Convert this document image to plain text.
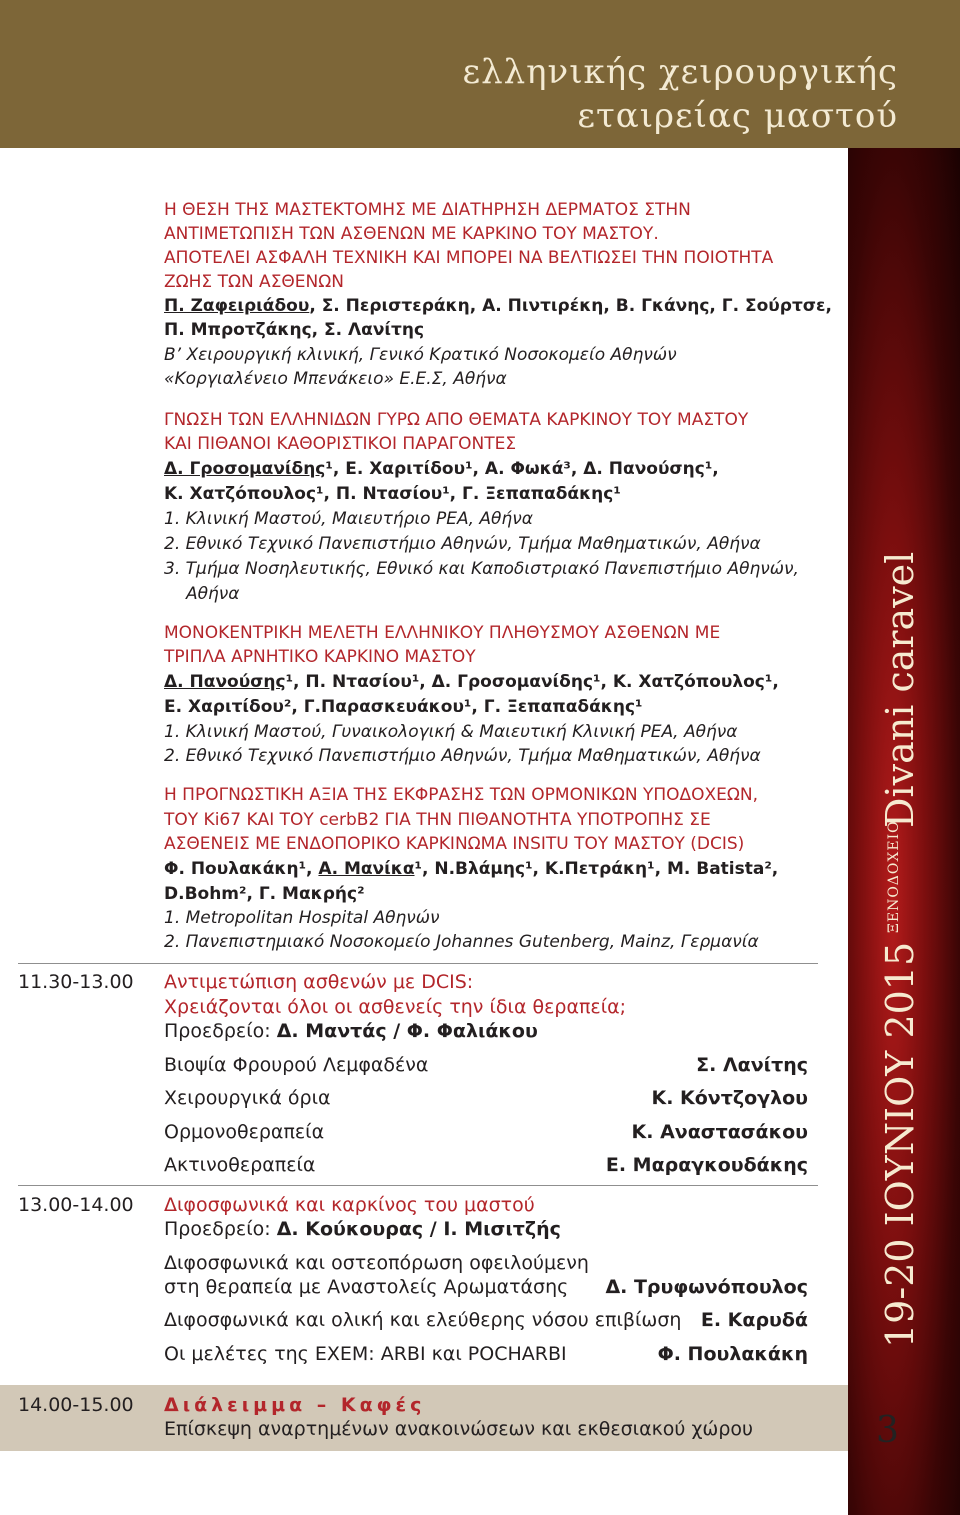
ελληνικής χειρουργικής
εταιρείας μαστού
19-20 ΙΟΥΝΙΟΥ 2015
ΞΕΝΟΔΟΧΕΙΟ
Divani caravel
3
Η ΘΕΣΗ ΤΗΣ ΜΑΣΤΕΚΤΟΜΗΣ ΜΕ ΔΙΑΤΗΡΗΣΗ ΔΕΡΜΑΤΟΣ ΣΤΗΝ
ΑΝΤΙΜΕΤΩΠΙΣΗ ΤΩΝ ΑΣΘΕΝΩΝ ΜΕ ΚΑΡΚΙΝΟ ΤΟΥ ΜΑΣΤΟΥ.
ΑΠΟΤΕΛΕΙ ΑΣΦΑΛΗ ΤΕΧΝΙΚΗ ΚΑΙ ΜΠΟΡΕΙ ΝΑ ΒΕΛΤΙΩΣΕΙ ΤΗΝ ΠΟΙΟΤΗΤΑ
ΖΩΗΣ ΤΩΝ ΑΣΘΕΝΩΝ
Π. Ζαφειριάδου, Σ. Περιστεράκη, Α. Πιντιρέκη, Β. Γκάνης, Γ. Σούρτσε,
Π. Μπροτζάκης, Σ. Λανίτης
Β’ Χειρουργική κλινική, Γενικό Κρατικό Νοσοκομείο Αθηνών
«Κοργιαλένειο Μπενάκειο» Ε.Ε.Σ, Αθήνα
ΓΝΩΣΗ ΤΩΝ ΕΛΛΗΝΙΔΩΝ ΓΥΡΩ ΑΠΟ ΘΕΜΑΤΑ ΚΑΡΚΙΝΟΥ ΤΟΥ ΜΑΣΤΟΥ
ΚΑΙ ΠΙΘΑΝΟΙ ΚΑΘΟΡΙΣΤΙΚΟΙ ΠΑΡΑΓΟΝΤΕΣ
Δ. Γροσομανίδης¹, Ε. Χαριτίδου¹, Α. Φωκά³, Δ. Πανούσης¹,
Κ. Χατζόπουλος¹, Π. Ντασίου¹, Γ. Ξεπαπαδάκης¹
1. Κλινική Μαστού, Μαιευτήριο ΡΕΑ, Αθήνα
2. Εθνικό Τεχνικό Πανεπιστήμιο Αθηνών, Τμήμα Μαθηματικών, Αθήνα
3. Τμήμα Νοσηλευτικής, Εθνικό και Καποδιστριακό Πανεπιστήμιο Αθηνών,
Αθήνα
ΜΟΝΟΚΕΝΤΡΙΚΗ ΜΕΛΕΤΗ ΕΛΛΗΝΙΚΟΥ ΠΛΗΘΥΣΜΟΥ ΑΣΘΕΝΩΝ ΜΕ
ΤΡΙΠΛΑ ΑΡΝΗΤΙΚΟ ΚΑΡΚΙΝΟ ΜΑΣΤΟΥ
Δ. Πανούσης¹, Π. Ντασίου¹, Δ. Γροσομανίδης¹, Κ. Χατζόπουλος¹,
Ε. Χαριτίδου², Γ.Παρασκευάκου¹, Γ. Ξεπαπαδάκης¹
1. Κλινική Μαστού, Γυναικολογική & Μαιευτική Κλινική ΡΕΑ, Αθήνα
2. Εθνικό Τεχνικό Πανεπιστήμιο Αθηνών, Τμήμα Μαθηματικών, Αθήνα
Η ΠΡΟΓΝΩΣΤΙΚΗ ΑΞΙΑ ΤΗΣ ΕΚΦΡΑΣΗΣ ΤΩΝ ΟΡΜΟΝΙΚΩΝ ΥΠΟΔΟΧΕΩΝ,
ΤΟΥ Ki67 ΚΑΙ ΤΟΥ cerbB2 ΓΙΑ ΤΗΝ ΠΙΘΑΝΟΤΗΤΑ ΥΠΟΤΡΟΠΗΣ ΣΕ
ΑΣΘΕΝΕΙΣ ΜΕ ΕΝΔΟΠΟΡΙΚΟ ΚΑΡΚΙΝΩΜΑ INSITU ΤΟΥ ΜΑΣΤΟΥ (DCIS)
Φ. Πουλακάκη¹, Α. Μανίκα¹, Ν.Βλάμης¹, Κ.Πετράκη¹, Μ. Batista²,
D.Bohm², Γ. Μακρής²
1. Metropolitan Hospital Αθηνών
2. Πανεπιστημιακό Νοσοκομείο Johannes Gutenberg, Mainz, Γερμανία
11.30-13.00 Αντιμετώπιση ασθενών με DCIS:
Χρειάζονται όλοι οι ασθενείς την ίδια θεραπεία;
Προεδρείο: Δ. Μαντάς / Φ. Φαλιάκου
Βιοψία Φρουρού Λεμφαδένα	Σ. Λανίτης
Χειρουργικά όρια	Κ. Κόντζογλου
Ορμονοθεραπεία	Κ. Αναστασάκου
Ακτινοθεραπεία	Ε. Μαραγκουδάκης
13.00-14.00 Διφοσφωνικά και καρκίνος του μαστού
Προεδρείο: Δ. Κούκουρας / Ι. Μισιτζής
Διφοσφωνικά και οστεοπόρωση οφειλούμενη
στη θεραπεία με Αναστολείς Αρωματάσης	Δ. Τρυφωνόπουλος
Διφοσφωνικά και ολική και ελεύθερης νόσου επιβίωση	Ε. Καρυδά
Οι μελέτες της ΕΧΕΜ: ARBI και POCHARBI	Φ. Πουλακάκη
14.00-15.00 Διάλειμμα – Καφές
Επίσκεψη αναρτημένων ανακοινώσεων και εκθεσιακού χώρου
